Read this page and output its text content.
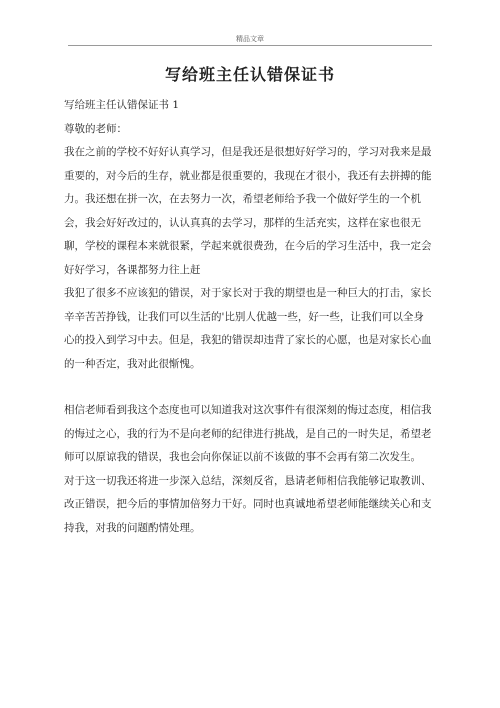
精品文章
写给班主任认错保证书

写给班主任认错保证书 1

尊敬的老师：

我在之前的学校不好好认真学习，但是我还是很想好好学习的，学习对我来是最重要的，对今后的生存，就业都是很重要的，我现在才很小，我还有去拼搏的能力。我还想在拼一次，在去努力一次，希望老师给予我一个做好学生的一个机会，我会好好改过的，认认真真的去学习，那样的生活充实，这样在家也很无聊，学校的课程本来就很紧，学起来就很费劲，在今后的学习生活中，我一定会好好学习，各课都努力往上赶

我犯了很多不应该犯的错误，对于家长对于我的期望也是一种巨大的打击，家长辛辛苦苦挣钱，让我们可以生活的'比别人优越一些，好一些，让我们可以全身心的投入到学习中去。但是，我犯的错误却违背了家长的心愿，也是对家长心血的一种否定，我对此很惭愧。

相信老师看到我这个态度也可以知道我对这次事件有很深刻的悔过态度，相信我的悔过之心，我的行为不是向老师的纪律进行挑战，是自己的一时失足，希望老师可以原谅我的错误，我也会向你保证以前不该做的事不会再有第二次发生。

对于这一切我还将进一步深入总结，深刻反省，恳请老师相信我能够记取教训、改正错误，把今后的事情加倍努力干好。同时也真诚地希望老师能继续关心和支持我，对我的问题酌情处理。
